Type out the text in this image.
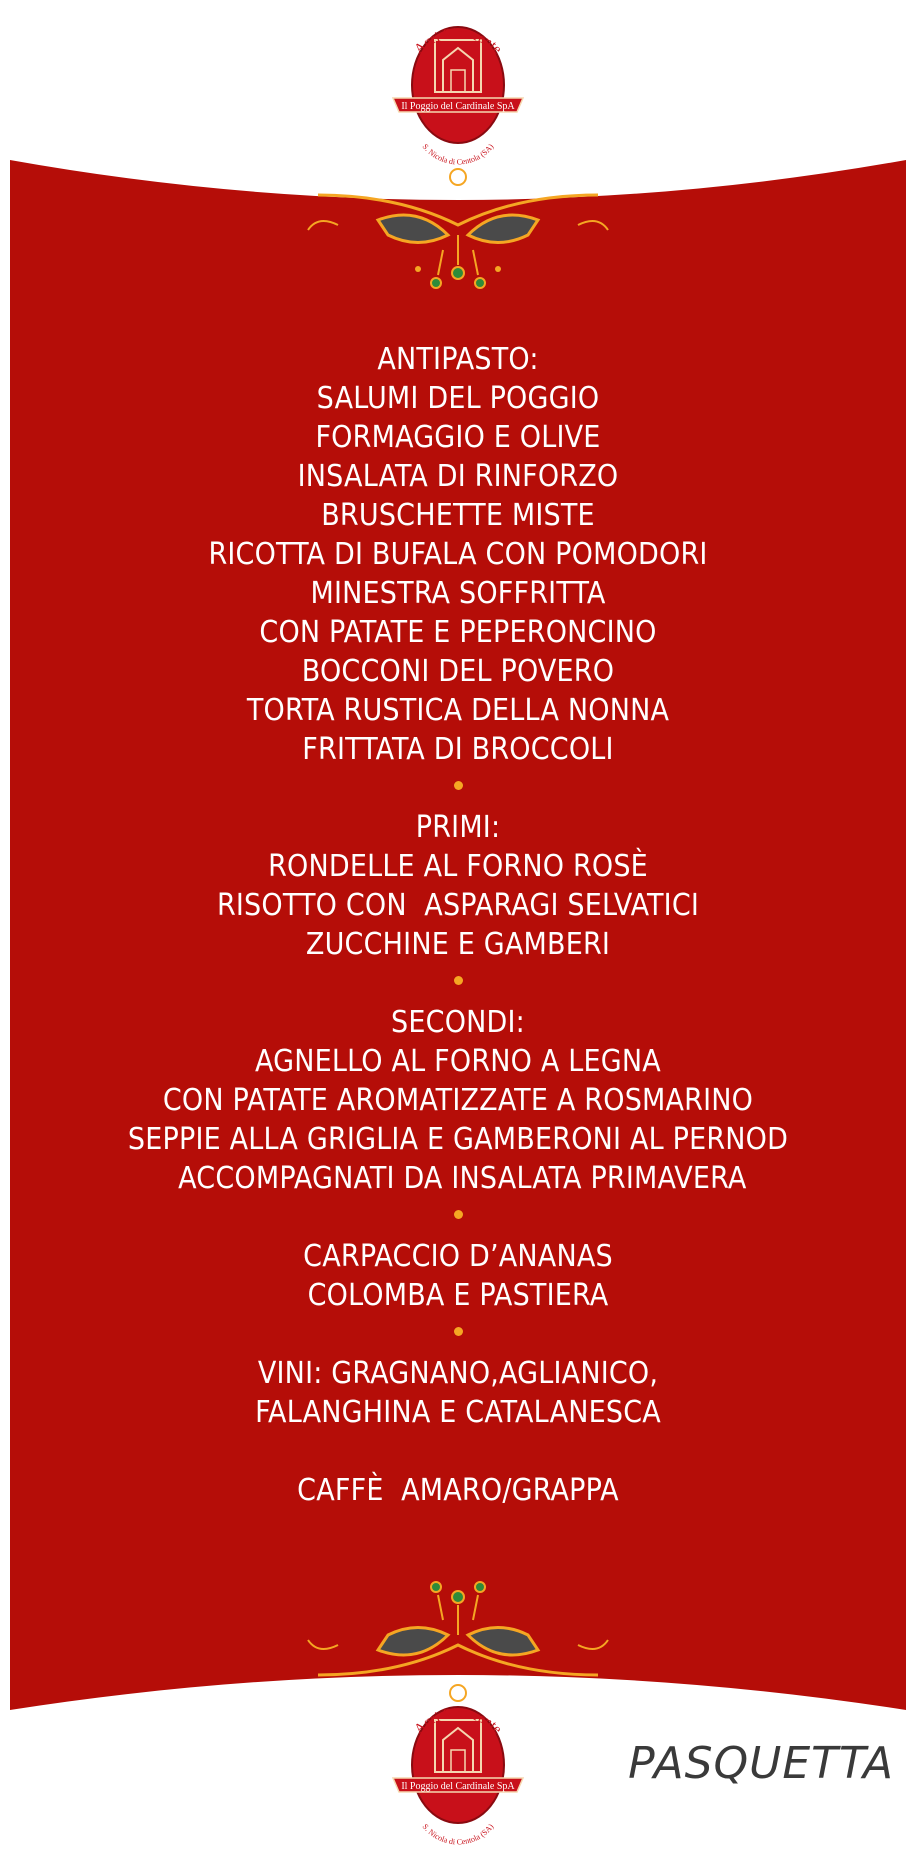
Agri Ristorante
Il Poggio del Cardinale SpA
S. Nicola di Centola (SA)
ANTIPASTO:
SALUMI DEL POGGIO
FORMAGGIO E OLIVE
INSALATA DI RINFORZO
BRUSCHETTE MISTE
RICOTTA DI BUFALA CON POMODORI
MINESTRA SOFFRITTA
CON PATATE E PEPERONCINO
BOCCONI DEL POVERO
TORTA RUSTICA DELLA NONNA
FRITTATA DI BROCCOLI
PRIMI:
RONDELLE AL FORNO ROSÈ
RISOTTO CON  ASPARAGI SELVATICI
ZUCCHINE E GAMBERI
SECONDI:
AGNELLO AL FORNO A LEGNA
CON PATATE AROMATIZZATE A ROSMARINO
SEPPIE ALLA GRIGLIA E GAMBERONI AL PERNOD
ACCOMPAGNATI DA INSALATA PRIMAVERA
CARPACCIO D’ANANAS
COLOMBA E PASTIERA
VINI: GRAGNANO,AGLIANICO,
FALANGHINA E CATALANESCA
CAFFÈ  AMARO/GRAPPA
Agri Ristorante
Il Poggio del Cardinale SpA
S. Nicola di Centola (SA)
PASQUETTA
